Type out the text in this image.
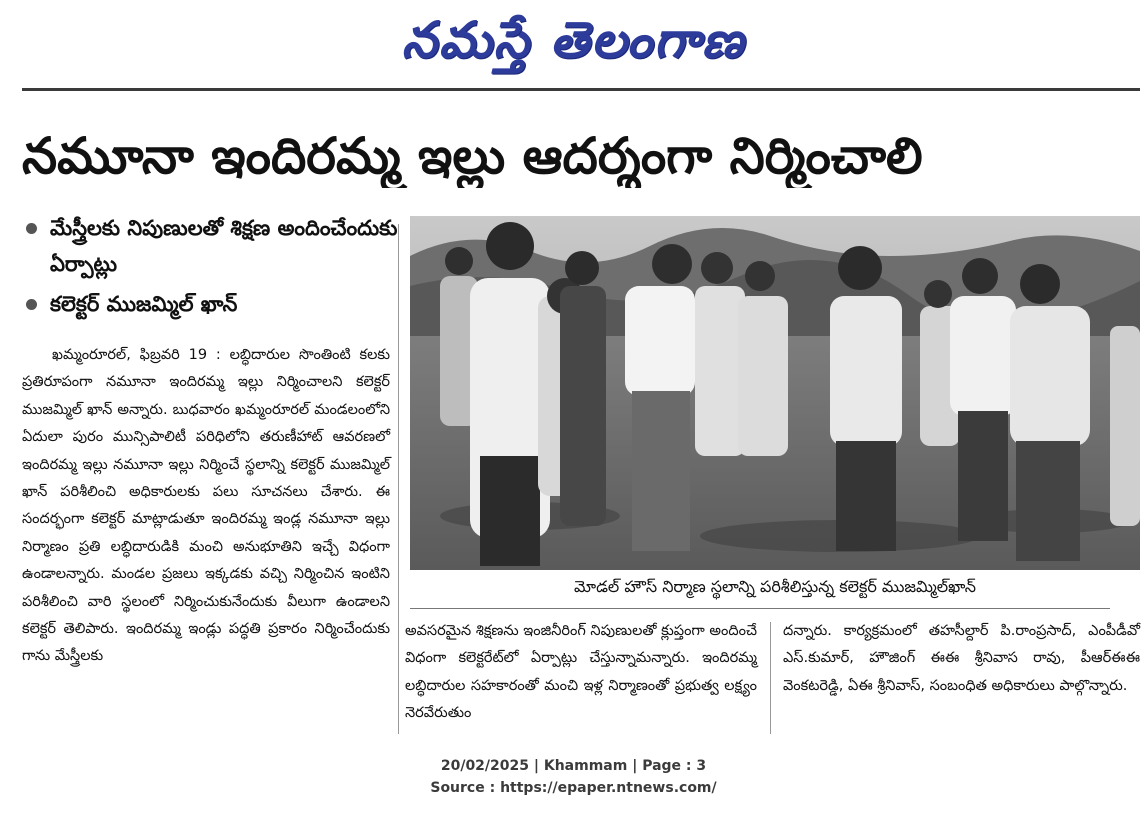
నమస్తే తెలంగాణ
నమూనా ఇందిరమ్మ ఇల్లు ఆదర్శంగా నిర్మించాలి
మేస్త్రీలకు నిపుణులతో శిక్షణ అందించేందుకు ఏర్పాట్లు
కలెక్టర్ ముజమ్మిల్ ఖాన్

ఖమ్మంరూరల్, ఫిబ్రవరి 19 : లబ్ధిదారుల సొంతింటి కలకు ప్రతిరూపంగా నమూనా ఇందిరమ్మ ఇల్లు నిర్మించాలని కలెక్టర్ ముజమ్మిల్ ఖాన్ అన్నారు. బుధవారం ఖమ్మంరూరల్ మండలంలోని ఏదులా పురం మున్సిపాలిటీ పరిధిలోని తరుణీహాట్ ఆవరణలో ఇందిరమ్మ ఇల్లు నమూనా ఇల్లు నిర్మించే స్థలాన్ని కలెక్టర్ ముజమ్మిల్ ఖాన్ పరిశీలించి అధికారులకు పలు సూచనలు చేశారు. ఈ సందర్భంగా కలెక్టర్ మాట్లాడుతూ ఇందిరమ్మ ఇండ్ల నమూనా ఇల్లు నిర్మాణం ప్రతి లబ్ధిదారుడికి మంచి అనుభూతిని ఇచ్చే విధంగా ఉండాలన్నారు. మండల ప్రజలు ఇక్కడకు వచ్చి నిర్మించిన ఇంటిని పరిశీలించి వారి స్థలంలో నిర్మించుకునేందుకు వీలుగా ఉండాలని కలెక్టర్ తెలిపారు. ఇందిరమ్మ ఇండ్లు పద్ధతి ప్రకారం నిర్మించేందుకు గాను మేస్త్రీలకు

మోడల్ హౌస్ నిర్మాణ స్థలాన్ని పరిశీలిస్తున్న కలెక్టర్ ముజమ్మిల్‌ఖాన్

అవసరమైన శిక్షణను ఇంజినీరింగ్ నిపుణులతో క్లుప్తంగా అందించే విధంగా కలెక్టరేట్‌లో ఏర్పాట్లు చేస్తున్నామన్నారు. ఇందిరమ్మ లబ్ధిదారుల సహకారంతో మంచి ఇళ్ల నిర్మాణంతో ప్రభుత్వ లక్ష్యం నెరవేరుతుం

దన్నారు. కార్యక్రమంలో తహసీల్దార్ పి.రాంప్రసాద్, ఎంపీడీవో ఎస్.కుమార్, హౌజింగ్ ఈఈ శ్రీనివాస రావు, పీఆర్‌ఈఈ వెంకటరెడ్డి, ఏఈ శ్రీనివాస్, సంబంధిత అధికారులు పాల్గొన్నారు.

20/02/2025 | Khammam | Page : 3
Source : https://epaper.ntnews.com/
